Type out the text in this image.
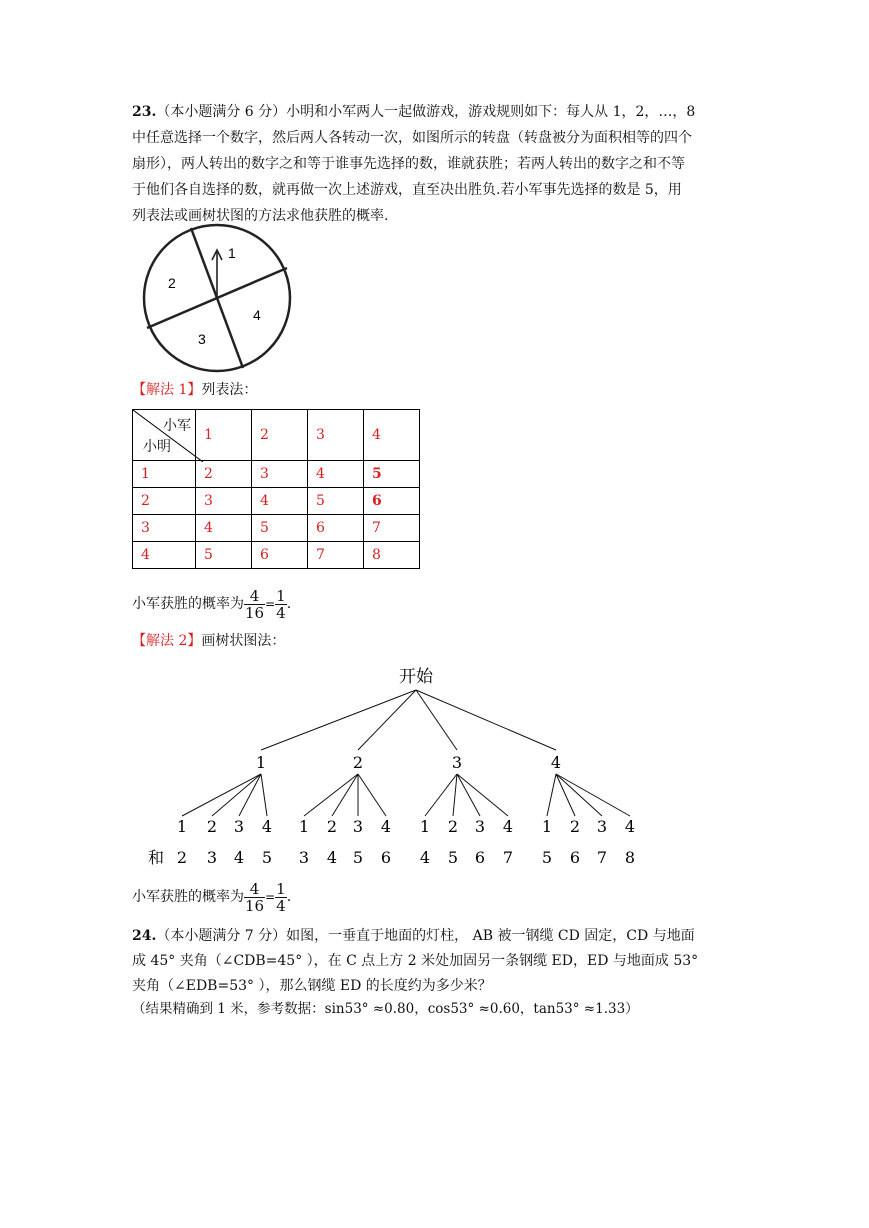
23.（本小题满分 6 分）小明和小军两人一起做游戏，游戏规则如下：每人从 1，2，…，8
中任意选择一个数字，然后两人各转动一次，如图所示的转盘（转盘被分为面积相等的四个
扇形），两人转出的数字之和等于谁事先选择的数，谁就获胜；若两人转出的数字之和不等
于他们各自选择的数，就再做一次上述游戏，直至决出胜负.若小军事先选择的数是 5，用
列表法或画树状图的方法求他获胜的概率.
1
2
3
4
【解法 1】列表法：
小军
小明	1	2	3	4
1	2	3	4	5
2	3	4	5	6
3	4	5	6	7
4	5	6	7	8
小军获胜的概率为 $\frac{4}{16} = \frac{1}{4}$ .
【解法 2】画树状图法：
开始
1	2	3	4
1 2 3 4 1 2 3 4 1 2 3 4 1 2 3 4
2 3 4 5 3 4 5 6 4 5 6 7 5 6 7 8
和
小军获胜的概率为 $\frac{4}{16} = \frac{1}{4}$ .
24.（本小题满分 7 分）如图，一垂直于地面的灯柱， AB 被一钢缆 CD 固定，CD 与地面
成 45° 夹角（∠CDB=45° ），在 C 点上方 2 米处加固另一条钢缆 ED，ED 与地面成 53°
夹角（∠EDB=53° ），那么钢缆 ED 的长度约为多少米？
（结果精确到 1 米，参考数据：sin53° ≈0.80，cos53° ≈0.60，tan53° ≈1.33）
